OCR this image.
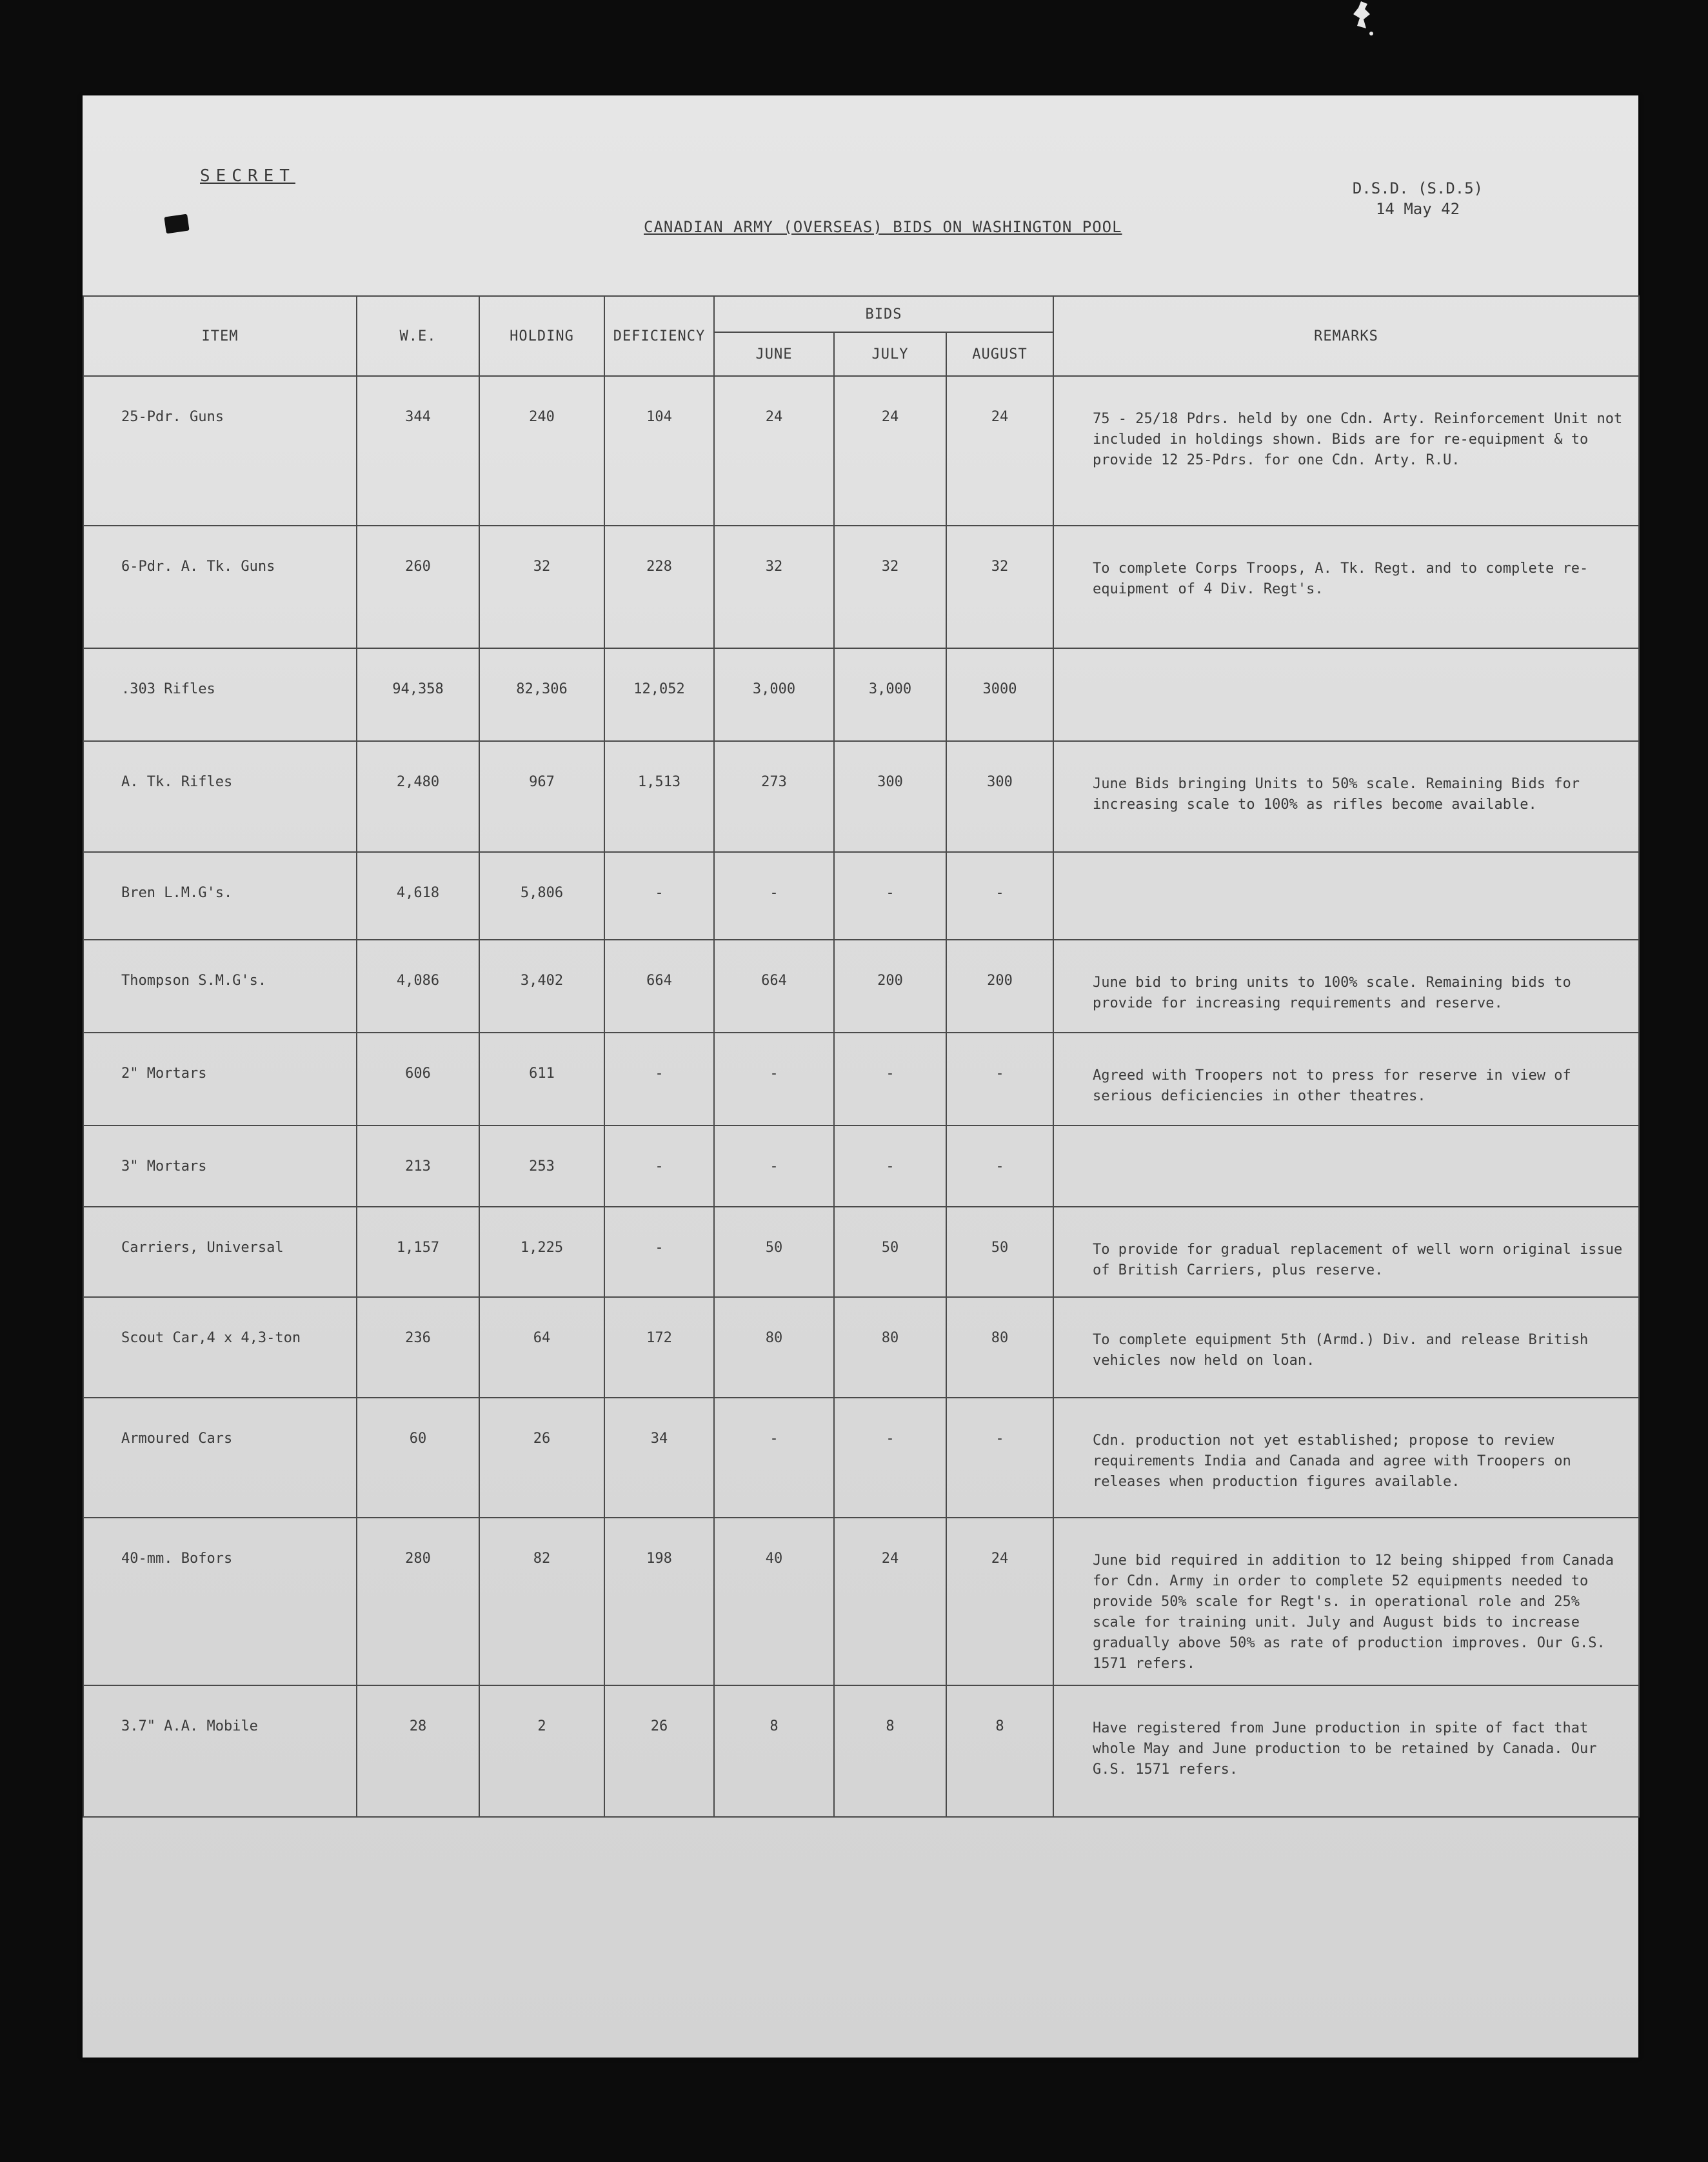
SECRET
D.S.D. (S.D.5)
14 May 42
CANADIAN ARMY (OVERSEAS) BIDS ON WASHINGTON POOL
ITEM	W.E.	HOLDING	DEFICIENCY	BIDS			REMARKS
				JUNE	JULY	AUGUST	
25-Pdr. Guns	344	240	104	24	24	24	75 - 25/18 Pdrs. held by one Cdn. Arty. Reinforcement Unit not included in holdings shown. Bids are for re-equipment & to provide 12 25-Pdrs. for one Cdn. Arty. R.U.
6-Pdr. A. Tk. Guns	260	32	228	32	32	32	To complete Corps Troops, A. Tk. Regt. and to complete re-equipment of 4 Div. Regt's.
.303 Rifles	94,358	82,306	12,052	3,000	3,000	3000	
A. Tk. Rifles	2,480	967	1,513	273	300	300	June Bids bringing Units to 50% scale. Remaining Bids for increasing scale to 100% as rifles become available.
Bren L.M.G's.	4,618	5,806	-	-	-	-	
Thompson S.M.G's.	4,086	3,402	664	664	200	200	June bid to bring units to 100% scale. Remaining bids to provide for increasing requirements and reserve.
2" Mortars	606	611	-	-	-	-	Agreed with Troopers not to press for reserve in view of serious deficiencies in other theatres.
3" Mortars	213	253	-	-	-	-	
Carriers, Universal	1,157	1,225	-	50	50	50	To provide for gradual replacement of well worn original issue of British Carriers, plus reserve.
Scout Car,4 x 4,3-ton	236	64	172	80	80	80	To complete equipment 5th (Armd.) Div. and release British vehicles now held on loan.
Armoured Cars	60	26	34	-	-	-	Cdn. production not yet established; propose to review requirements India and Canada and agree with Troopers on releases when production figures available.
40-mm. Bofors	280	82	198	40	24	24	June bid required in addition to 12 being shipped from Canada for Cdn. Army in order to complete 52 equipments needed to provide 50% scale for Regt's. in operational role and 25% scale for training unit. July and August bids to increase gradually above 50% as rate of production improves. Our G.S. 1571 refers.
3.7" A.A. Mobile	28	2	26	8	8	8	Have registered from June production in spite of fact that whole May and June production to be retained by Canada. Our G.S. 1571 refers.
